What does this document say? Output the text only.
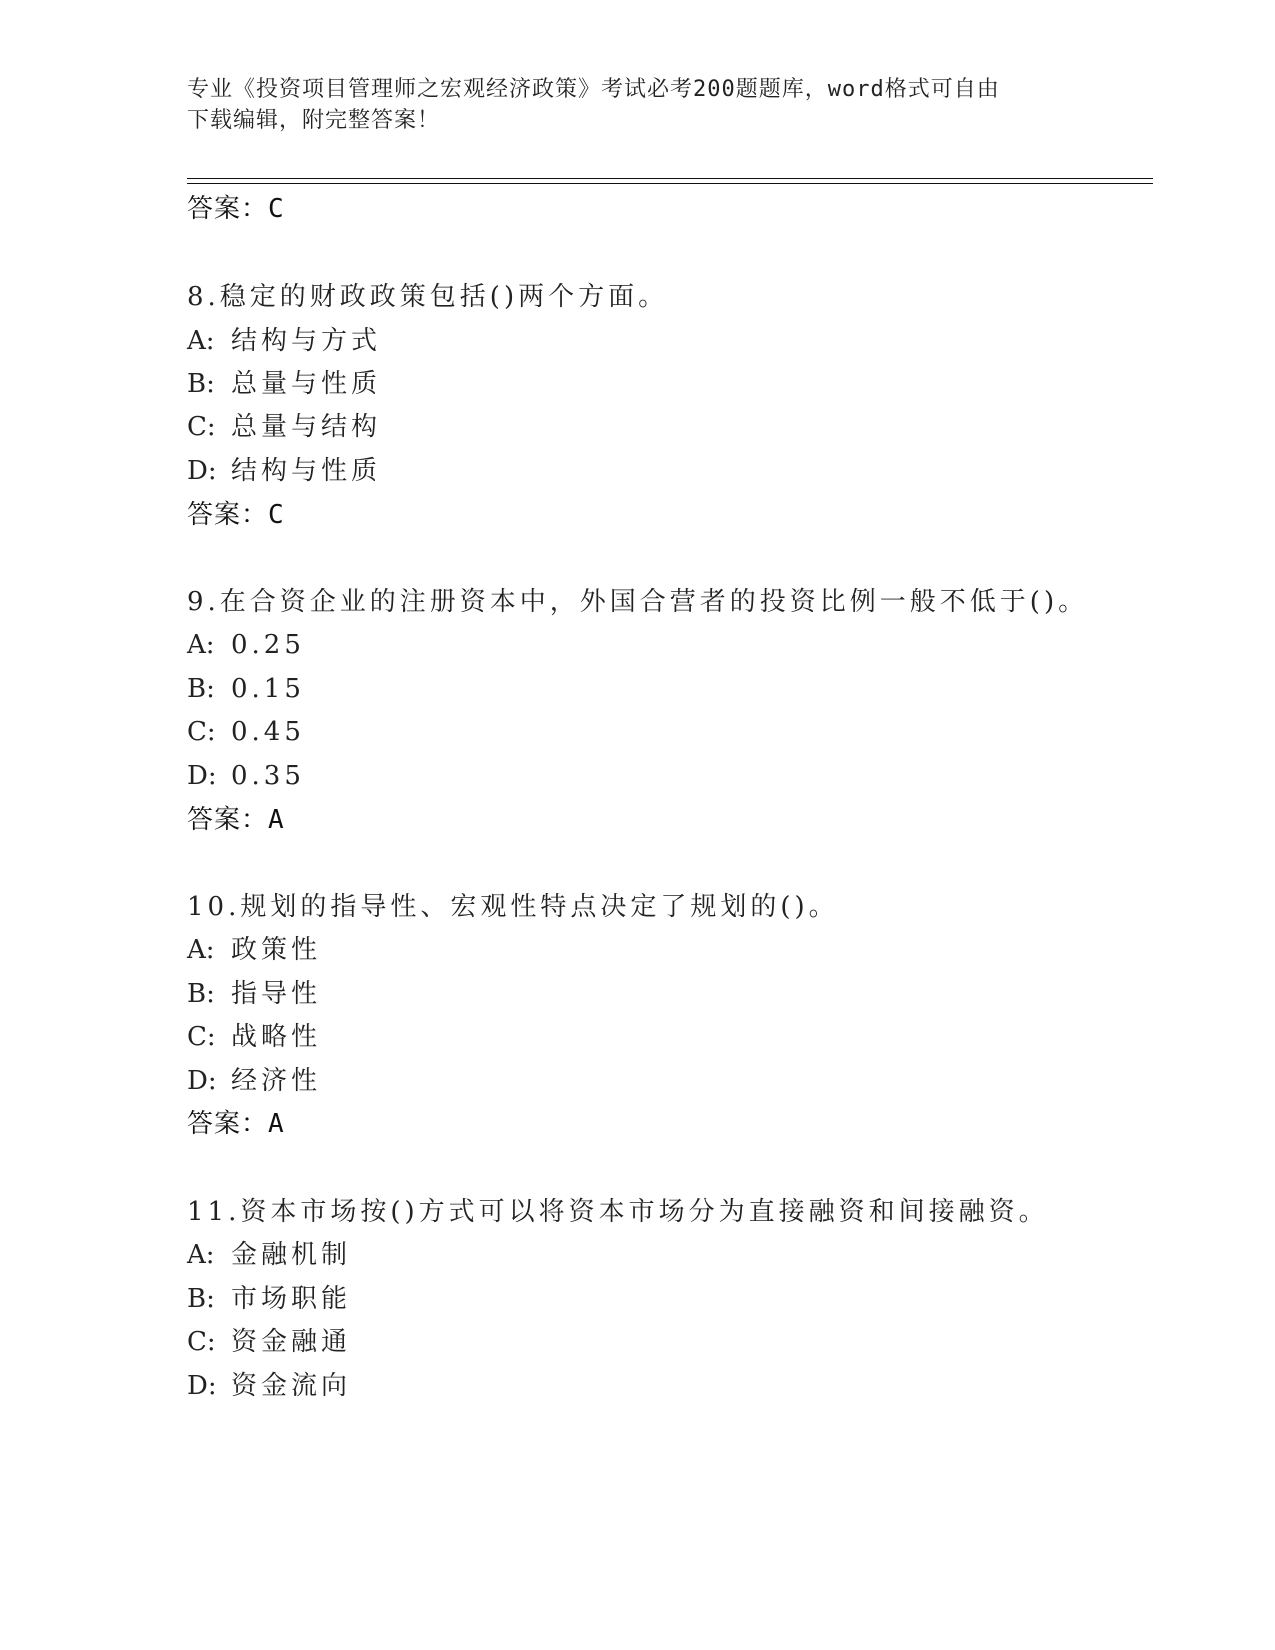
专业《投资项目管理师之宏观经济政策》考试必考200题题库，word格式可自由
下载编辑，附完整答案！
答案：C
8.稳定的财政政策包括()两个方面。
A: 结构与方式
B: 总量与性质
C: 总量与结构
D: 结构与性质
答案：C
9.在合资企业的注册资本中，外国合营者的投资比例一般不低于()。
A: 0.25
B: 0.15
C: 0.45
D: 0.35
答案：A
10.规划的指导性、宏观性特点决定了规划的()。
A: 政策性
B: 指导性
C: 战略性
D: 经济性
答案：A
11.资本市场按()方式可以将资本市场分为直接融资和间接融资。
A: 金融机制
B: 市场职能
C: 资金融通
D: 资金流向
